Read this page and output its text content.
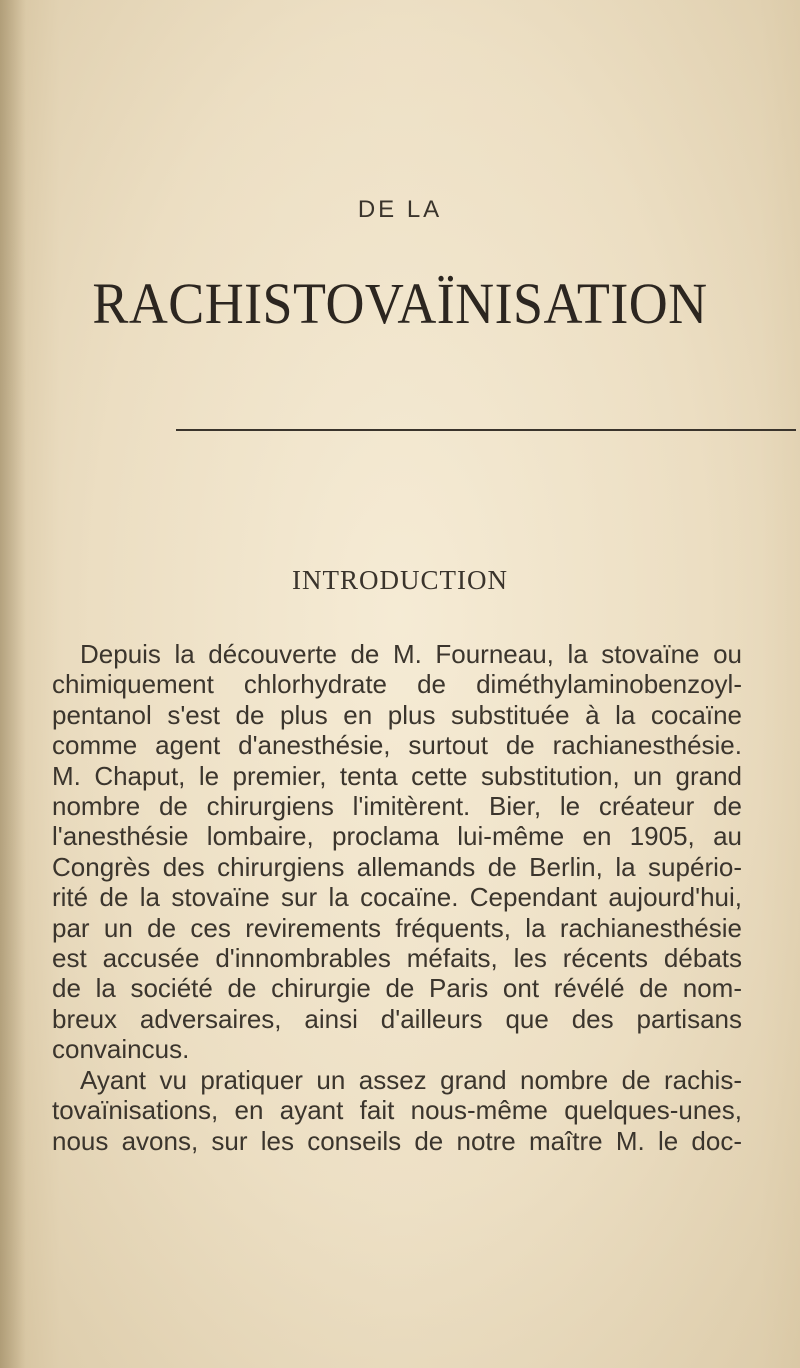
DE LA
RACHISTOVAÏNISATION
INTRODUCTION
Depuis la découverte de M. Fourneau, la stovaïne ou
chimiquement chlorhydrate de diméthylaminobenzoyl-
pentanol s'est de plus en plus substituée à la cocaïne
comme agent d'anesthésie, surtout de rachianesthésie.
M. Chaput, le premier, tenta cette substitution, un grand
nombre de chirurgiens l'imitèrent. Bier, le créateur de
l'anesthésie lombaire, proclama lui-même en 1905, au
Congrès des chirurgiens allemands de Berlin, la supério-
rité de la stovaïne sur la cocaïne. Cependant aujourd'hui,
par un de ces revirements fréquents, la rachianesthésie
est accusée d'innombrables méfaits, les récents débats
de la société de chirurgie de Paris ont révélé de nom-
breux adversaires, ainsi d'ailleurs que des partisans
convaincus.
Ayant vu pratiquer un assez grand nombre de rachis-
tovaïnisations, en ayant fait nous-même quelques-unes,
nous avons, sur les conseils de notre maître M. le doc-
